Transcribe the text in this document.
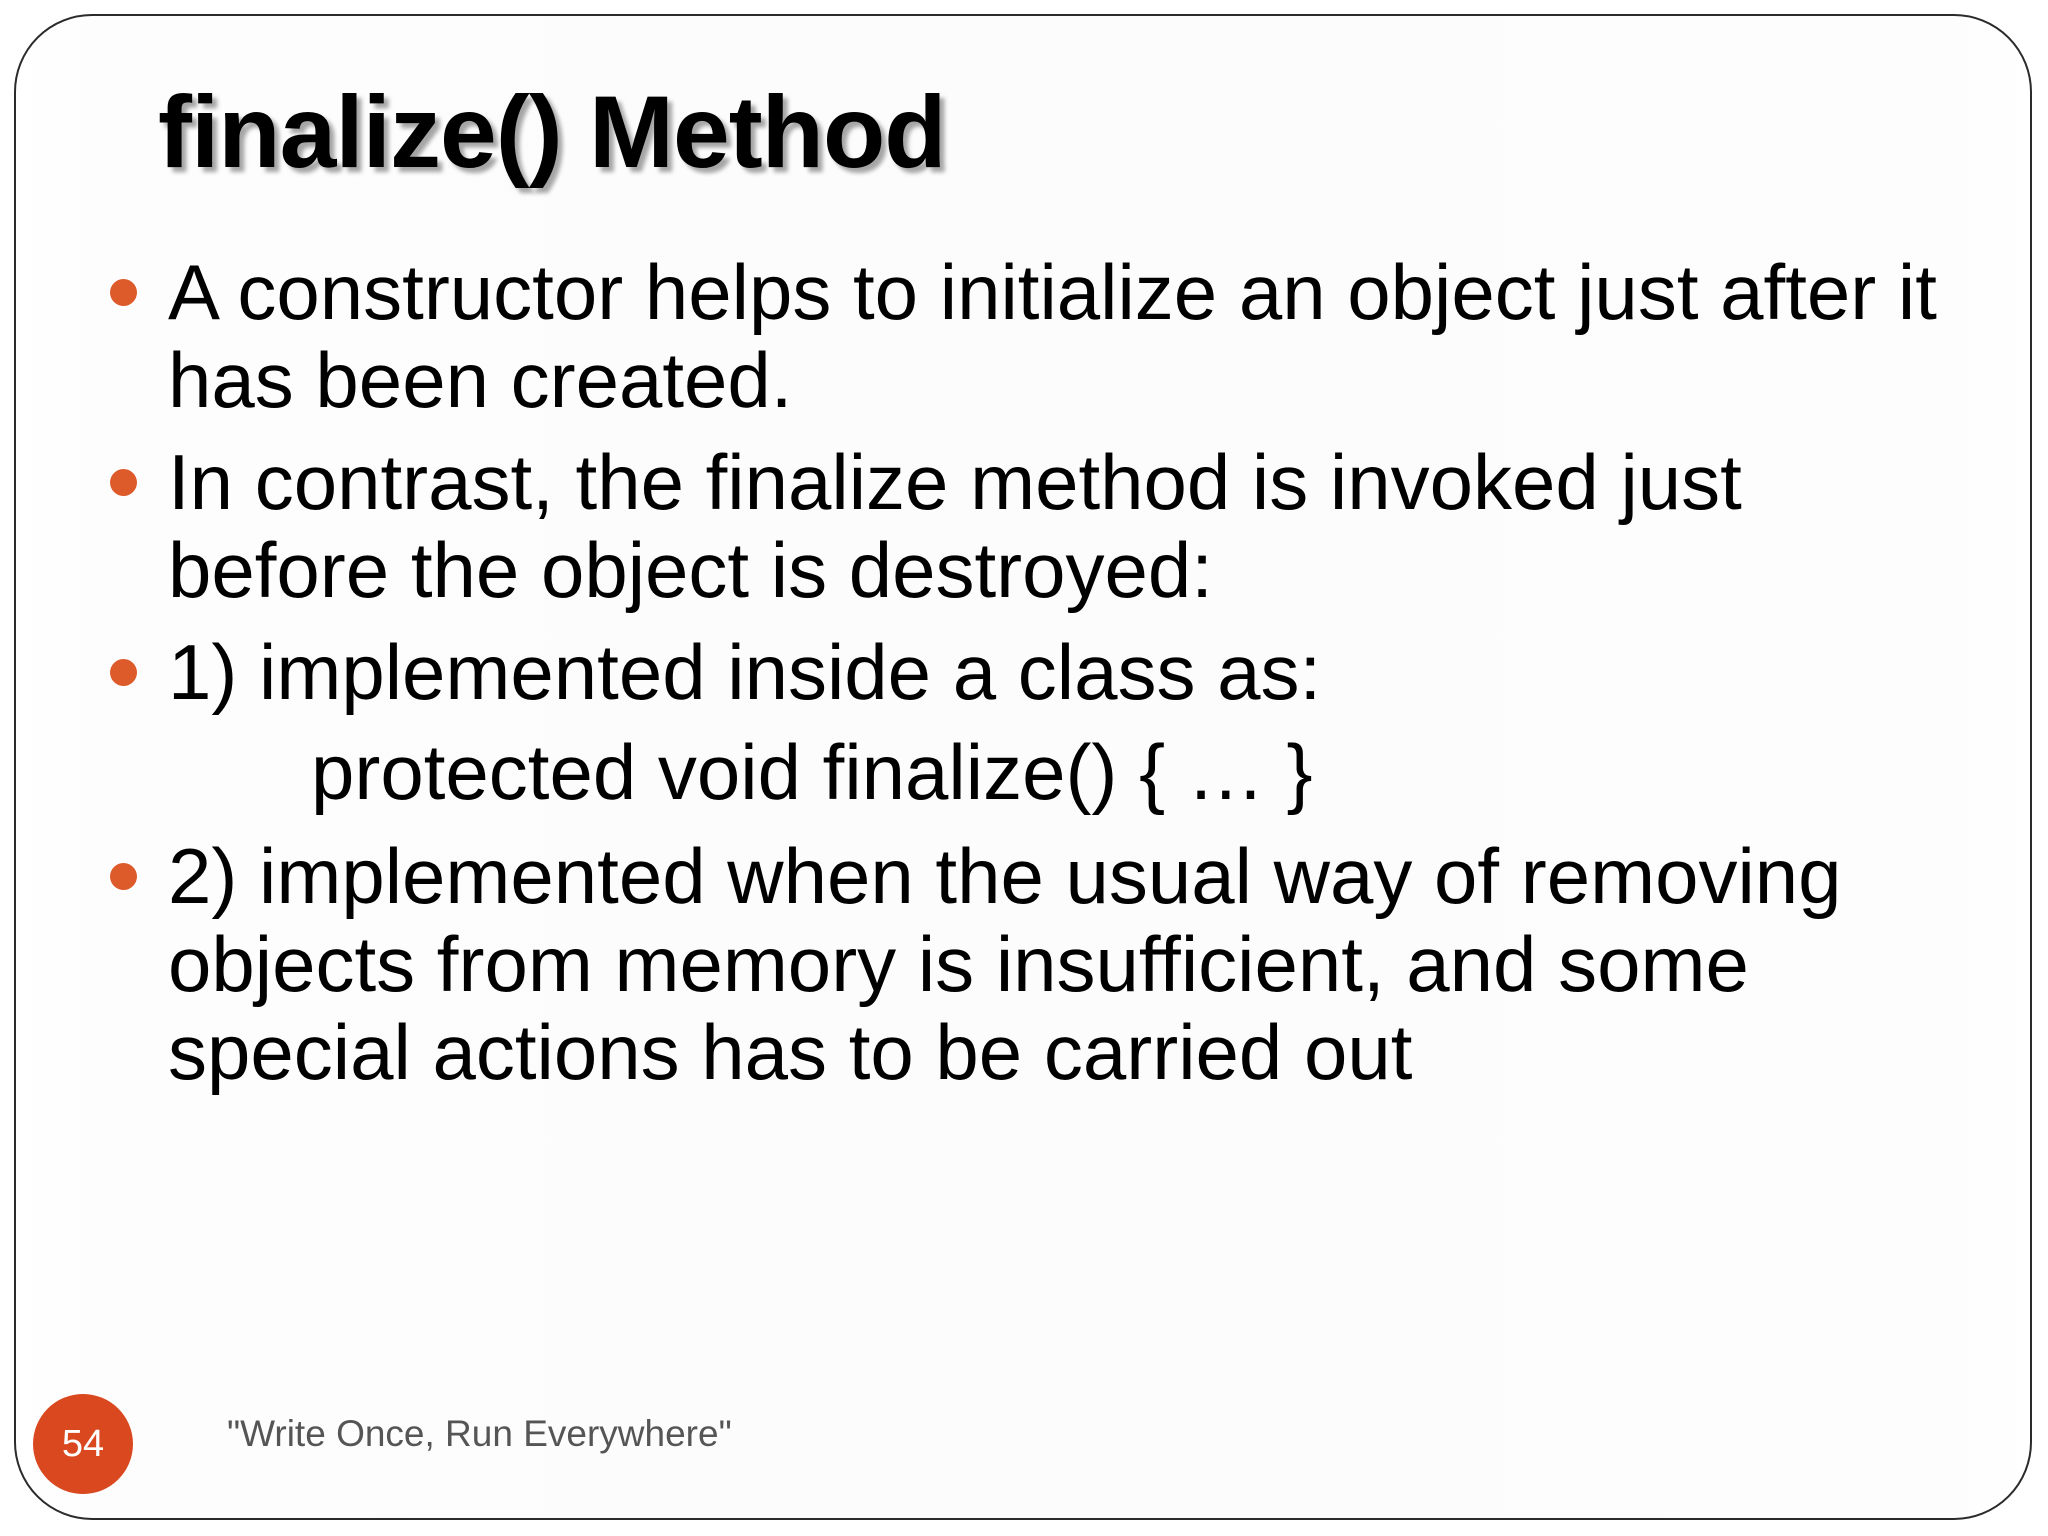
finalize() Method
A constructor helps to initialize an object just after it has been created.
In contrast, the finalize method is invoked just before the object is destroyed:
1) implemented inside a class as:
protected void finalize() { … }
2) implemented when the usual way of removing objects from memory is insufficient, and some special actions has to be carried out
54	"Write Once, Run Everywhere"
